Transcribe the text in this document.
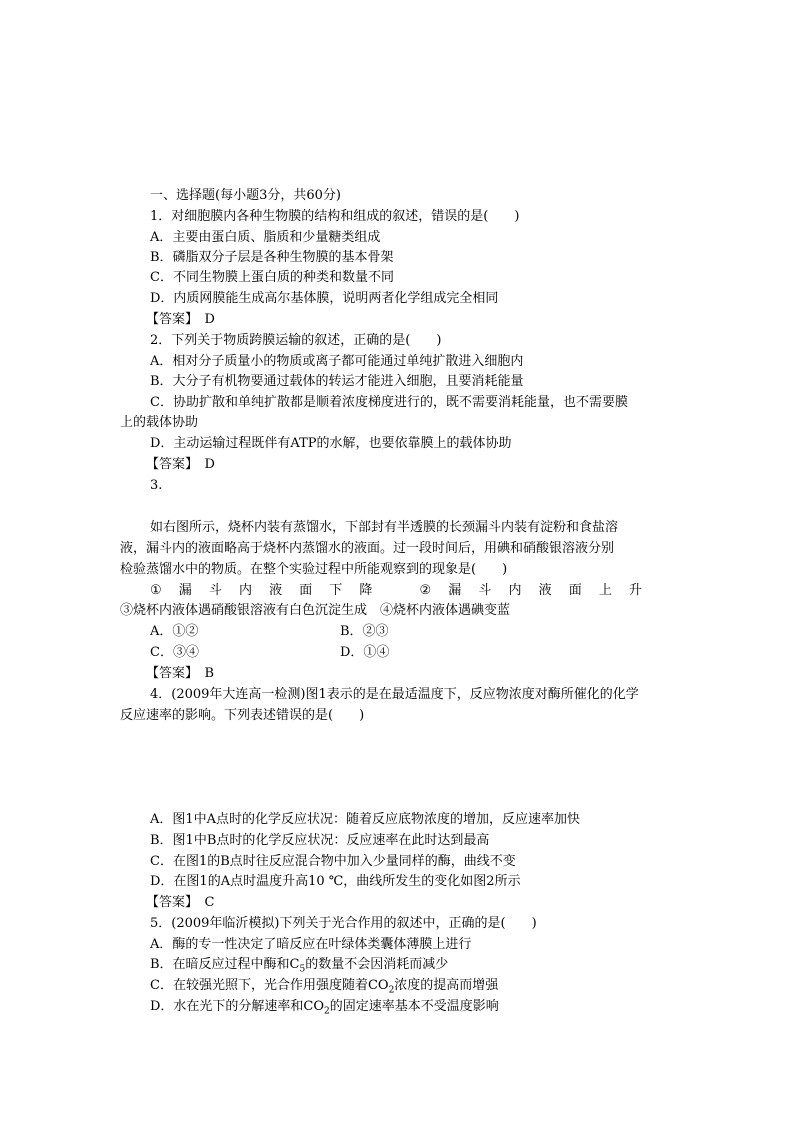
一、选择题(每小题3分，共60分)
1．对细胞膜内各种生物膜的结构和组成的叙述，错误的是(　　)
A．主要由蛋白质、脂质和少量糖类组成
B．磷脂双分子层是各种生物膜的基本骨架
C．不同生物膜上蛋白质的种类和数量不同
D．内质网膜能生成高尔基体膜，说明两者化学组成完全相同
【答案】　 D
2．下列关于物质跨膜运输的叙述，正确的是(　　)
A．相对分子质量小的物质或离子都可能通过单纯扩散进入细胞内
B．大分子有机物要通过载体的转运才能进入细胞，且要消耗能量
C．协助扩散和单纯扩散都是顺着浓度梯度进行的，既不需要消耗能量，也不需要膜
上的载体协助
D．主动运输过程既伴有ATP的水解，也要依靠膜上的载体协助
【答案】　 D
3.
如右图所示，烧杯内装有蒸馏水，下部封有半透膜的长颈漏斗内装有淀粉和食盐溶
液，漏斗内的液面略高于烧杯内蒸馏水的液面。过一段时间后，用碘和硝酸银溶液分别
检验蒸馏水中的物质。在整个实验过程中所能观察到的现象是(　　)
① 漏 斗 内 液 面 下 降	② 漏 斗 内 液 面 上 升
③烧杯内液体遇硝酸银溶液有白色沉淀生成　④烧杯内液体遇碘变蓝
A．①②	B．②③
C．③④	D．①④
【答案】　 B
4．(2009年大连高一检测)图1表示的是在最适温度下，反应物浓度对酶所催化的化学
反应速率的影响。下列表述错误的是(　　)
A．图1中A点时的化学反应状况：随着反应底物浓度的增加，反应速率加快
B．图1中B点时的化学反应状况：反应速率在此时达到最高
C．在图1的B点时往反应混合物中加入少量同样的酶，曲线不变
D．在图1的A点时温度升高10 ℃，曲线所发生的变化如图2所示
【答案】　 C
5．(2009年临沂模拟)下列关于光合作用的叙述中，正确的是(　　)
A．酶的专一性决定了暗反应在叶绿体类囊体薄膜上进行
B．在暗反应过程中酶和$C_5$的数量不会因消耗而减少
C．在较强光照下，光合作用强度随着$CO_2$浓度的提高而增强
D．水在光下的分解速率和$CO_2$的固定速率基本不受温度影响
